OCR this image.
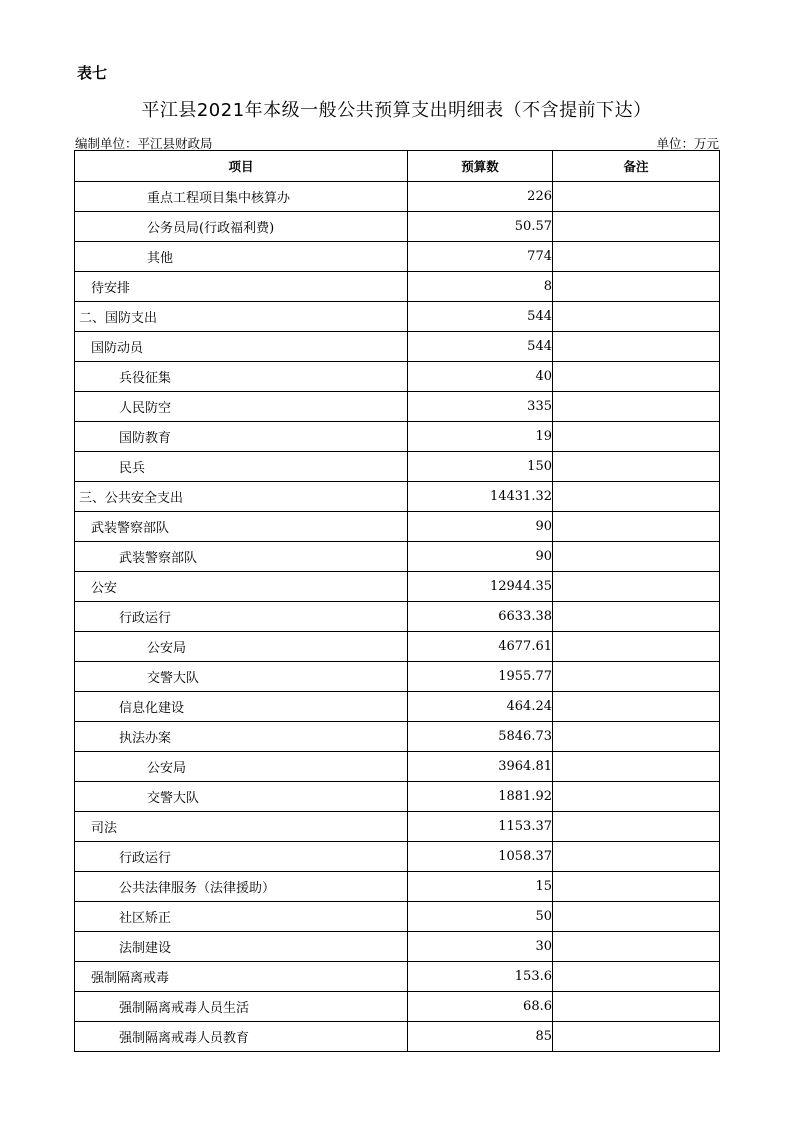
表七
平江县2021年本级一般公共预算支出明细表（不含提前下达）
编制单位：平江县财政局	单位：万元
项目	预算数	备注
重点工程项目集中核算办	226	
公务员局(行政福利费)	50.57	
其他	774	
待安排	8	
二、国防支出	544	
国防动员	544	
兵役征集	40	
人民防空	335	
国防教育	19	
民兵	150	
三、公共安全支出	14431.32	
武装警察部队	90	
武装警察部队	90	
公安	12944.35	
行政运行	6633.38	
公安局	4677.61	
交警大队	1955.77	
信息化建设	464.24	
执法办案	5846.73	
公安局	3964.81	
交警大队	1881.92	
司法	1153.37	
行政运行	1058.37	
公共法律服务（法律援助）	15	
社区矫正	50	
法制建设	30	
强制隔离戒毒	153.6	
强制隔离戒毒人员生活	68.6	
强制隔离戒毒人员教育	85	
